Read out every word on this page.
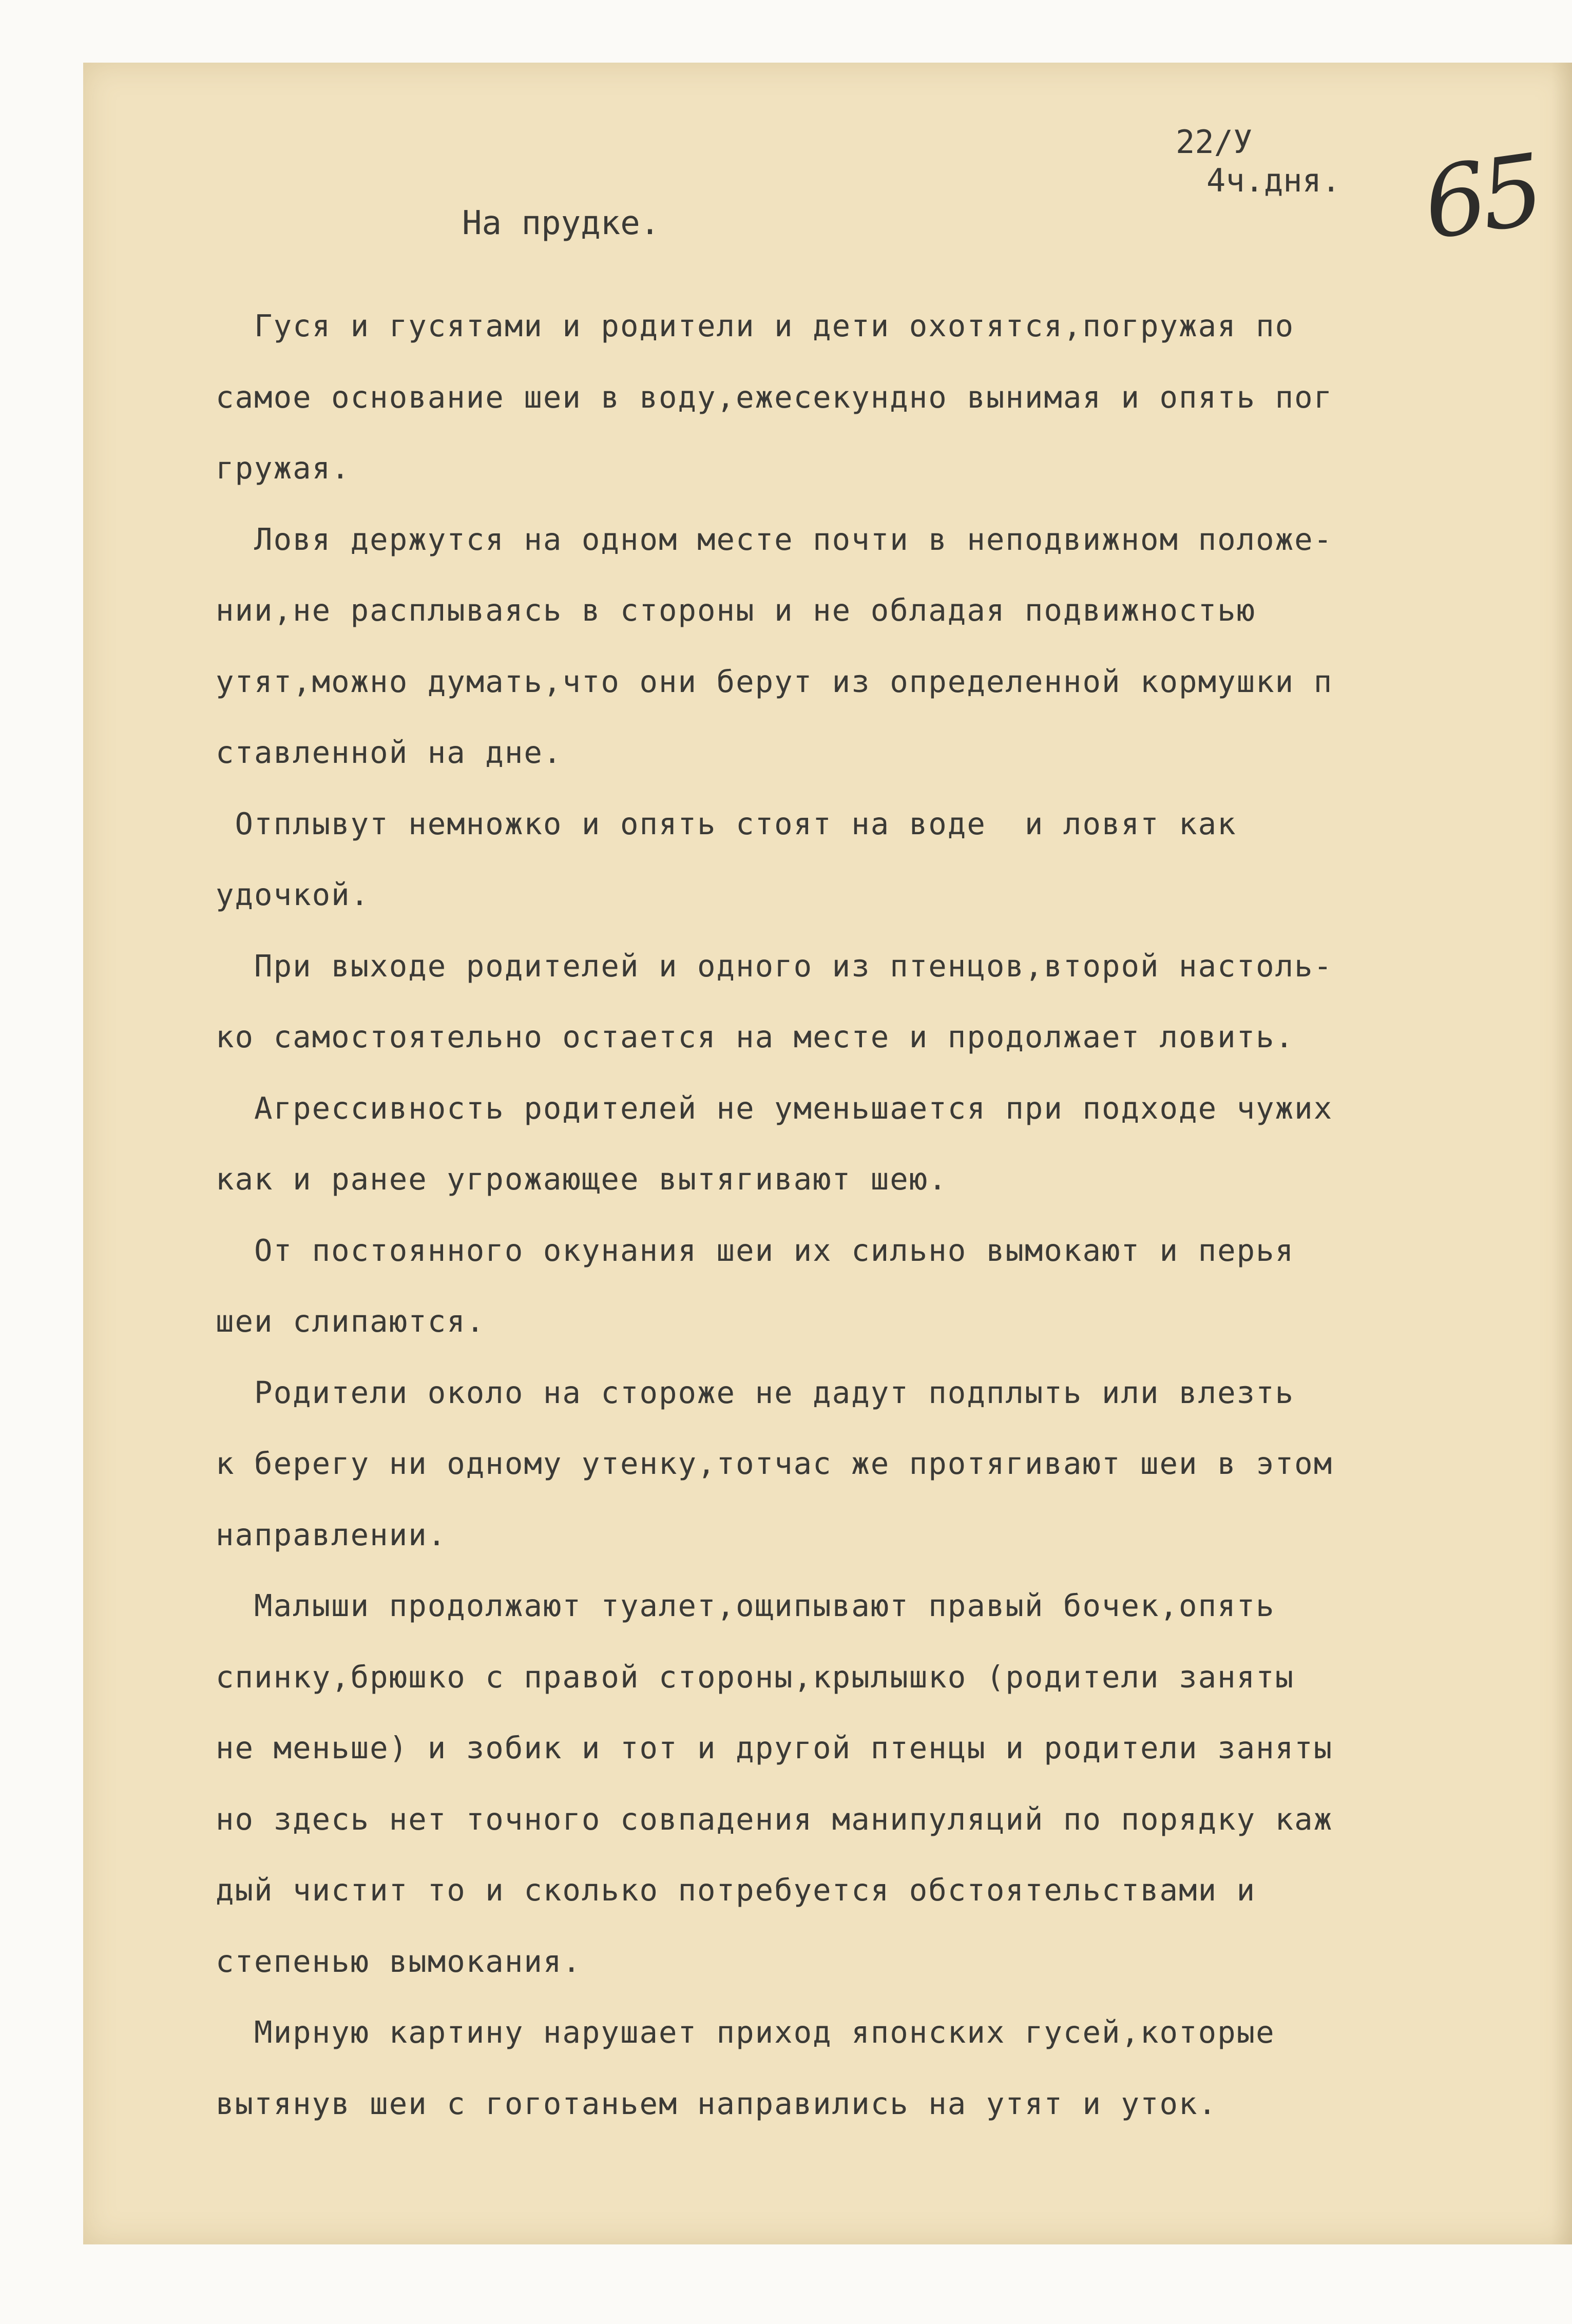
22/У
4ч.дня. 65
На прудке.
Гуся и гусятами и родители и дети охотятся,погружая по
самое основание шеи в воду,ежесекундно вынимая и опять пог
гружая.
Ловя держутся на одном месте почти в неподвижном положе-
нии,не расплываясь в стороны и не обладая подвижностью
утят,можно думать,что они берут из определенной кормушки п
ставленной на дне.
Отплывут немножко и опять стоят на воде  и ловят как
удочкой.
При выходе родителей и одного из птенцов,второй настоль-
ко самостоятельно остается на месте и продолжает ловить.
Агрессивность родителей не уменьшается при подходе чужих
как и ранее угрожающее вытягивают шею.
От постоянного окунания шеи их сильно вымокают и перья
шеи слипаются.
Родители около на стороже не дадут подплыть или влезть
к берегу ни одному утенку,тотчас же протягивают шеи в этом
направлении.
Малыши продолжают туалет,ощипывают правый бочек,опять
спинку,брюшко с правой стороны,крылышко (родители заняты
не меньше) и зобик и тот и другой птенцы и родители заняты
но здесь нет точного совпадения манипуляций по порядку каж
дый чистит то и сколько потребуется обстоятельствами и
степенью вымокания.
Мирную картину нарушает приход японских гусей,которые
вытянув шеи с гоготаньем направились на утят и уток.
